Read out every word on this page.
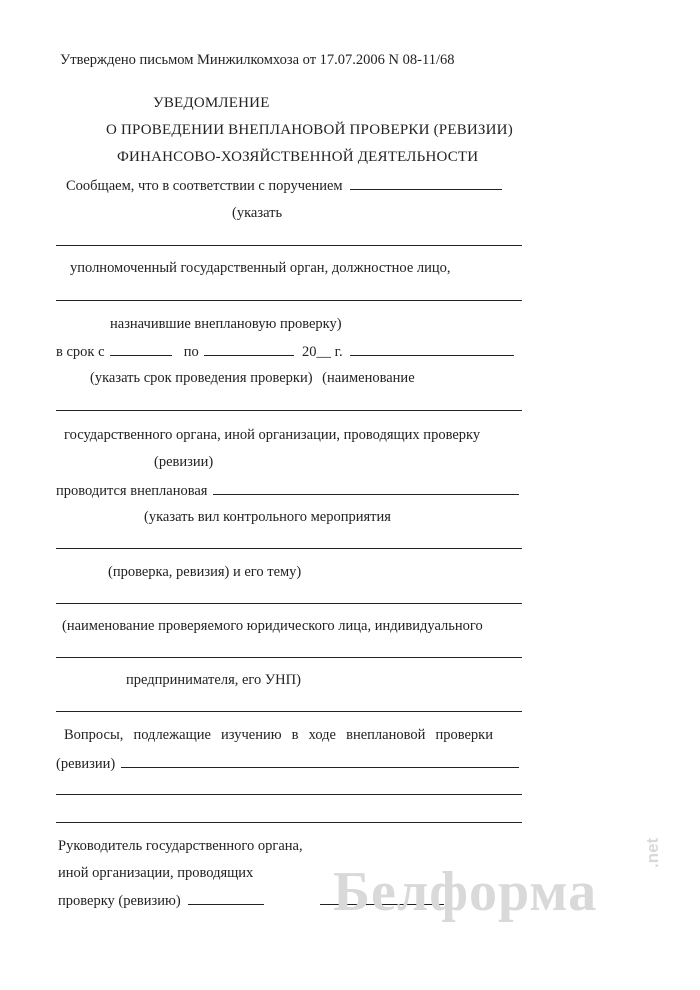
Утверждено письмом Минжилкомхоза от 17.07.2006 N 08-11/68
УВЕДОМЛЕНИЕ
О ПРОВЕДЕНИИ ВНЕПЛАНОВОЙ ПРОВЕРКИ (РЕВИЗИИ)
ФИНАНСОВО-ХОЗЯЙСТВЕННОЙ ДЕЯТЕЛЬНОСТИ
Сообщаем, что в соответствии с поручением
(указать
уполномоченный государственный орган, должностное лицо,
назначившие внеплановую проверку)
в срок с	по	20__ г.
(указать срок проведения проверки) (наименование
государственного органа, иной организации, проводящих проверку
(ревизии)
проводится внеплановая
(указать вил контрольного мероприятия
(проверка, ревизия) и его тему)
(наименование проверяемого юридического лица, индивидуального
предпринимателя, его УНП)
Вопросы, подлежащие изучению в ходе внеплановой проверки
(ревизии)
Руководитель государственного органа,
иной организации, проводящих
проверку (ревизию)	Белформа
.net
